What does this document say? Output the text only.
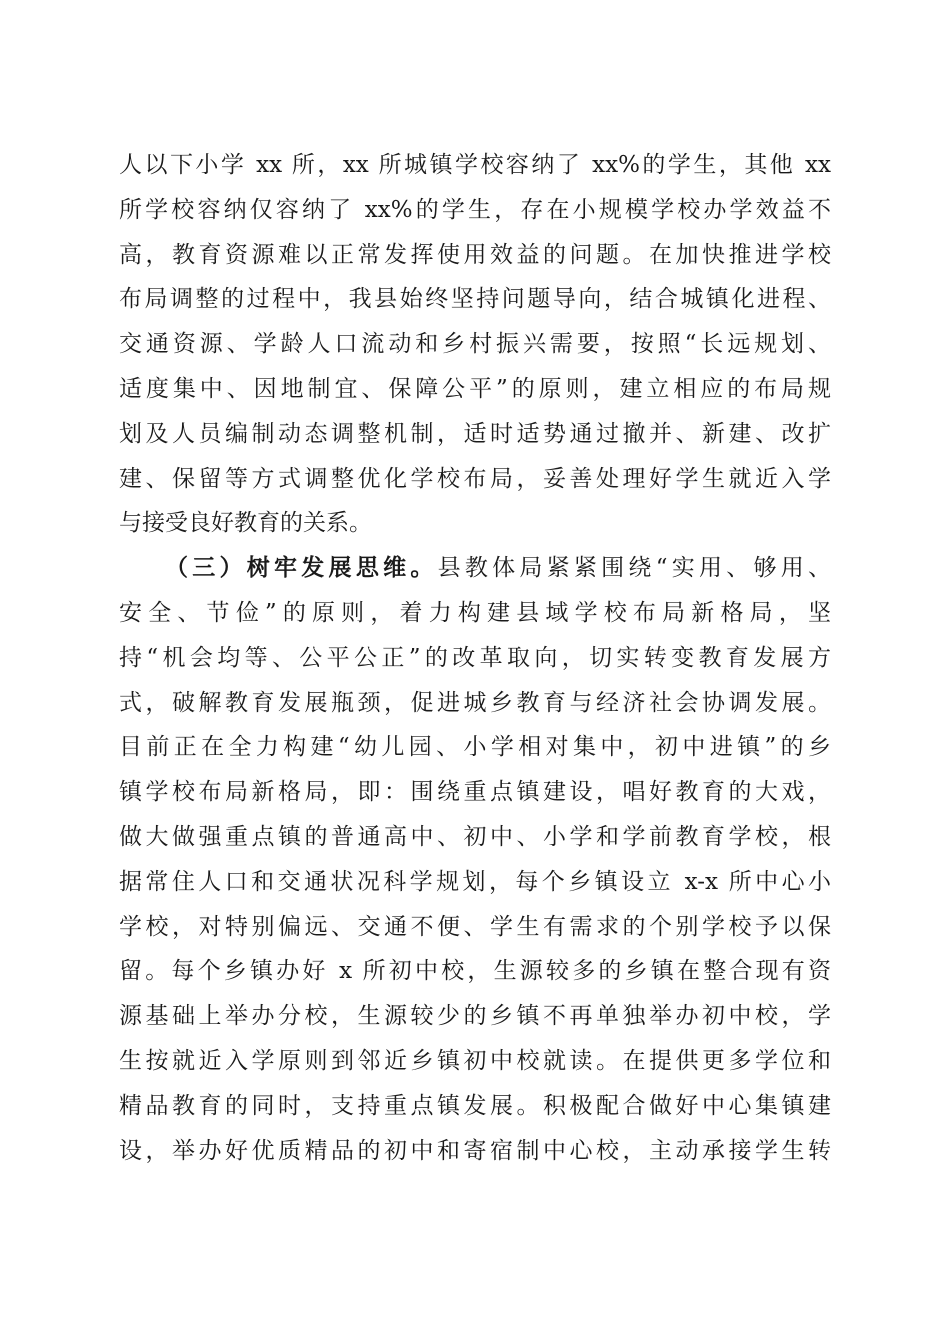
人以下小学 xx 所，xx 所城镇学校容纳了 xx%的学生，其他 xx
所学校容纳仅容纳了 xx%的学生，存在小规模学校办学效益不
高，教育资源难以正常发挥使用效益的问题。在加快推进学校
布局调整的过程中，我县始终坚持问题导向，结合城镇化进程、
交通资源、学龄人口流动和乡村振兴需要，按照“长远规划、
适度集中、因地制宜、保障公平”的原则，建立相应的布局规
划及人员编制动态调整机制，适时适势通过撤并、新建、改扩
建、保留等方式调整优化学校布局，妥善处理好学生就近入学
与接受良好教育的关系。
（三）树牢发展思维。县教体局紧紧围绕“实用、够用、
安全、节俭”的原则，着力构建县域学校布局新格局，坚
持“机会均等、公平公正”的改革取向，切实转变教育发展方
式，破解教育发展瓶颈，促进城乡教育与经济社会协调发展。
目前正在全力构建“幼儿园、小学相对集中，初中进镇”的乡
镇学校布局新格局，即：围绕重点镇建设，唱好教育的大戏，
做大做强重点镇的普通高中、初中、小学和学前教育学校，根
据常住人口和交通状况科学规划，每个乡镇设立 x-x 所中心小
学校，对特别偏远、交通不便、学生有需求的个别学校予以保
留。每个乡镇办好 x 所初中校，生源较多的乡镇在整合现有资
源基础上举办分校，生源较少的乡镇不再单独举办初中校，学
生按就近入学原则到邻近乡镇初中校就读。在提供更多学位和
精品教育的同时，支持重点镇发展。积极配合做好中心集镇建
设，举办好优质精品的初中和寄宿制中心校，主动承接学生转
